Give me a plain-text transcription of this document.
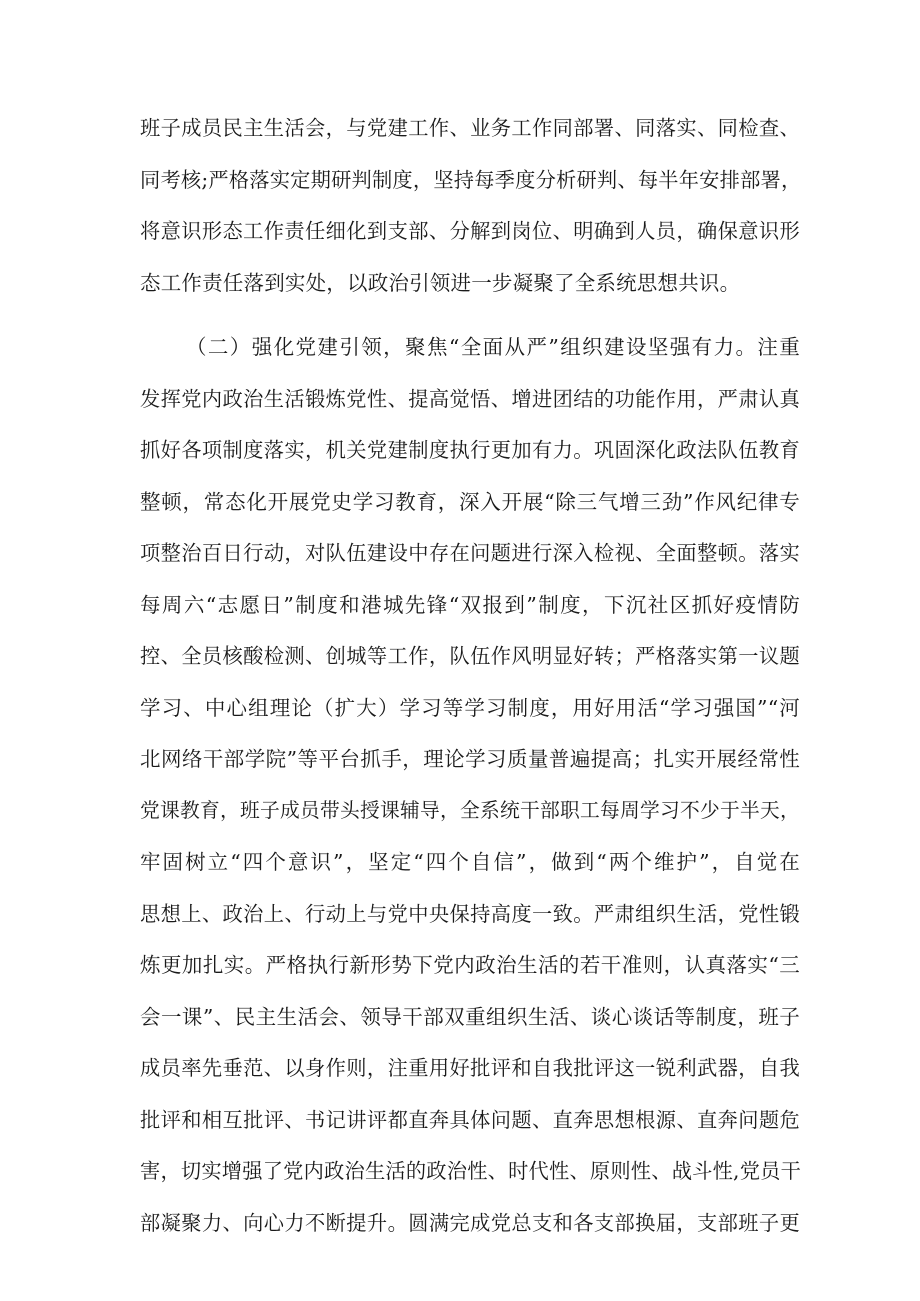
班子成员民主生活会，与党建工作、业务工作同部署、同落实、同检查、
同考核;严格落实定期研判制度，坚持每季度分析研判、每半年安排部署，
将意识形态工作责任细化到支部、分解到岗位、明确到人员，确保意识形
态工作责任落到实处，以政治引领进一步凝聚了全系统思想共识。
（二）强化党建引领，聚焦“全面从严”组织建设坚强有力。注重
发挥党内政治生活锻炼党性、提高觉悟、增进团结的功能作用，严肃认真
抓好各项制度落实，机关党建制度执行更加有力。巩固深化政法队伍教育
整顿，常态化开展党史学习教育，深入开展“除三气增三劲”作风纪律专
项整治百日行动，对队伍建设中存在问题进行深入检视、全面整顿。落实
每周六“志愿日”制度和港城先锋“双报到”制度，下沉社区抓好疫情防
控、全员核酸检测、创城等工作，队伍作风明显好转；严格落实第一议题
学习、中心组理论（扩大）学习等学习制度，用好用活“学习强国”“河
北网络干部学院”等平台抓手，理论学习质量普遍提高；扎实开展经常性
党课教育，班子成员带头授课辅导，全系统干部职工每周学习不少于半天，
牢固树立“四个意识”，坚定“四个自信”，做到“两个维护”，自觉在
思想上、政治上、行动上与党中央保持高度一致。严肃组织生活，党性锻
炼更加扎实。严格执行新形势下党内政治生活的若干准则，认真落实“三
会一课”、民主生活会、领导干部双重组织生活、谈心谈话等制度，班子
成员率先垂范、以身作则，注重用好批评和自我批评这一锐利武器，自我
批评和相互批评、书记讲评都直奔具体问题、直奔思想根源、直奔问题危
害，切实增强了党内政治生活的政治性、时代性、原则性、战斗性,党员干
部凝聚力、向心力不断提升。圆满完成党总支和各支部换届，支部班子更
